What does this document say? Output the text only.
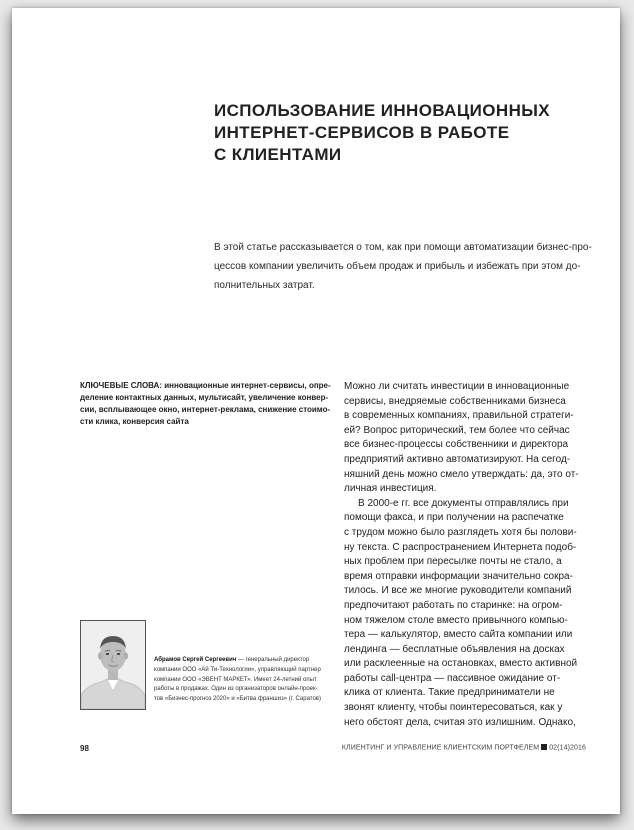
ИСПОЛЬЗОВАНИЕ ИННОВАЦИОННЫХ
ИНТЕРНЕТ-СЕРВИСОВ В РАБОТЕ
С КЛИЕНТАМИ
В этой статье рассказывается о том, как при помощи автоматизации бизнес-про-
цессов компании увеличить объем продаж и прибыль и избежать при этом до-
полнительных затрат.
КЛЮЧЕВЫЕ СЛОВА: инновационные интернет-сервисы, опре-
деление контактных данных, мультисайт, увеличение конвер-
сии, всплывающее окно, интернет-реклама, снижение стоимо-
сти клика, конверсия сайта
Можно ли считать инвестиции в инновационные
сервисы, внедряемые собственниками бизнеса
в современных компаниях, правильной стратеги-
ей? Вопрос риторический, тем более что сейчас
все бизнес-процессы собственники и директора
предприятий активно автоматизируют. На сегод-
няшний день можно смело утверждать: да, это от-
личная инвестиция.
В 2000-е гг. все документы отправлялись при
помощи факса, и при получении на распечатке
с трудом можно было разглядеть хотя бы полови-
ну текста. С распространением Интернета подоб-
ных проблем при пересылке почты не стало, а
время отправки информации значительно сокра-
тилось. И все же многие руководители компаний
предпочитают работать по старинке: на огром-
ном тяжелом столе вместо привычного компью-
тера — калькулятор, вместо сайта компании или
лендинга — бесплатные объявления на досках
или расклеенные на остановках, вместо активной
работы call-центра — пассивное ожидание от-
клика от клиента. Такие предприниматели не
звонят клиенту, чтобы поинтересоваться, как у
него обстоят дела, считая это излишним. Однако,
Абрамов Сергей Сергеевич — генеральный директор
компании ООО «Ай Ти-Технологии», управляющий партнер
компании ООО «ЭВЕНТ МАРКЕТ». Имеет 24-летний опыт
работы в продажах. Один из организаторов онлайн-проек-
тов «Бизнес-прогноз 2020» и «Битва франшиз» (г. Саратов)
98	КЛИЕНТИНГ И УПРАВЛЕНИЕ КЛИЕНТСКИМ ПОРТФЕЛЕМ 02(14)2016
